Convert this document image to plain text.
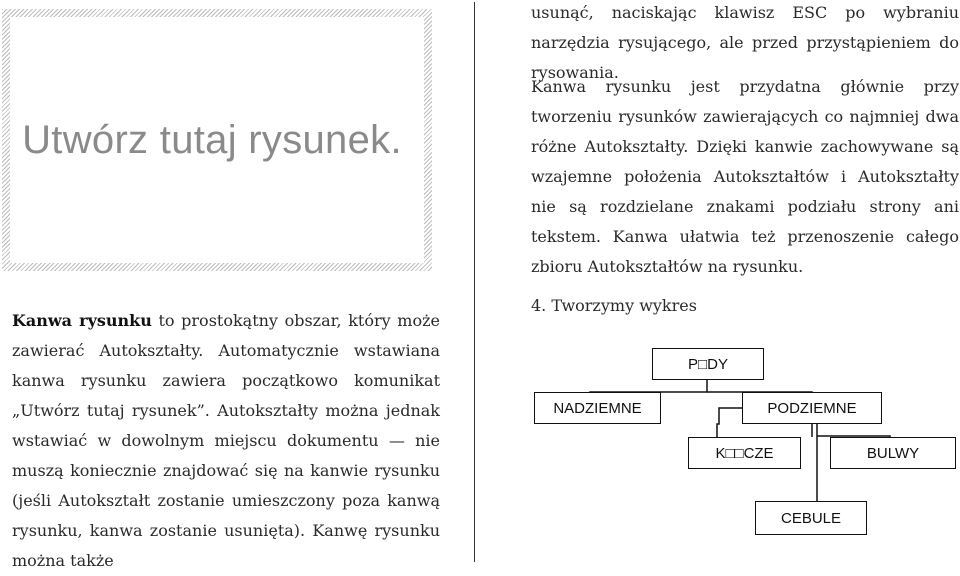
Utwórz tutaj rysunek.

Kanwa rysunku to prostokątny obszar, który może zawierać Autokształty. Automatycznie wstawiana kanwa rysunku zawiera początkowo komunikat „Utwórz tutaj rysunek”. Autokształty można jednak wstawiać w dowolnym miejscu dokumentu — nie muszą koniecznie znajdować się na kanwie rysunku (jeśli Autokształt zostanie umieszczony poza kanwą rysunku, kanwa zostanie usunięta). Kanwę rysunku można także

usunąć, naciskając klawisz ESC po wybraniu narzędzia rysującego, ale przed przystąpieniem do rysowania.

Kanwa rysunku jest przydatna głównie przy tworzeniu rysunków zawierających co najmniej dwa różne Autokształty. Dzięki kanwie zachowywane są wzajemne położenia Autokształtów i Autokształty nie są rozdzielane znakami podziału strony ani tekstem. Kanwa ułatwia też przenoszenie całego zbioru Autokształtów na rysunku.

4. Tworzymy wykres
P□DY
NADZIEMNE	PODZIEMNE
K□□CZE	BULWY
CEBULE
